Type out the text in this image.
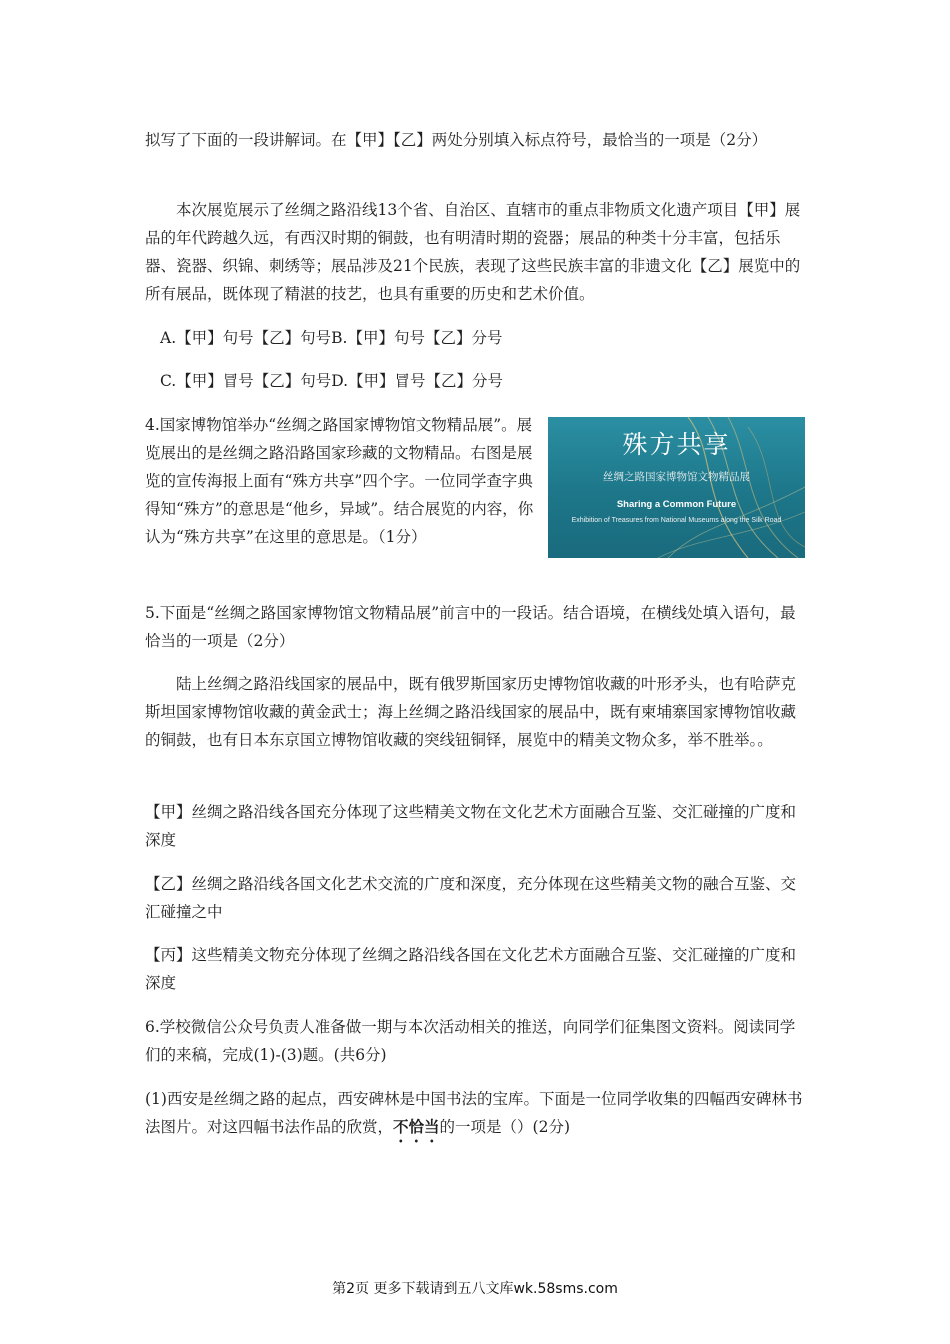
拟写了下面的一段讲解词。在【甲】【乙】两处分别填入标点符号，最恰当的一项是（2分）

本次展览展示了丝绸之路沿线13个省、自治区、直辖市的重点非物质文化遗产项目【甲】展品的年代跨越久远，有西汉时期的铜鼓，也有明清时期的瓷器；展品的种类十分丰富，包括乐器、瓷器、织锦、刺绣等；展品涉及21个民族，表现了这些民族丰富的非遗文化【乙】展览中的所有展品，既体现了精湛的技艺，也具有重要的历史和艺术价值。

A.【甲】句号【乙】句号B.【甲】句号【乙】分号

C.【甲】冒号【乙】句号D.【甲】冒号【乙】分号

4.国家博物馆举办“丝绸之路国家博物馆文物精品展”。展览展出的是丝绸之路沿路国家珍藏的文物精品。右图是展览的宣传海报上面有“殊方共享”四个字。一位同学查字典得知“殊方”的意思是“他乡，异域”。结合展览的内容，你认为“殊方共享”在这里的意思是。（1分）

殊方共享
丝绸之路国家博物馆文物精品展
Sharing a Common Future
Exhibition of Treasures from National Museums along the Silk Road

5.下面是“丝绸之路国家博物馆文物精品展”前言中的一段话。结合语境，在横线处填入语句，最恰当的一项是（2分）

陆上丝绸之路沿线国家的展品中，既有俄罗斯国家历史博物馆收藏的叶形矛头，也有哈萨克斯坦国家博物馆收藏的黄金武士；海上丝绸之路沿线国家的展品中，既有柬埔寨国家博物馆收藏的铜鼓，也有日本东京国立博物馆收藏的突线钮铜铎，展览中的精美文物众多，举不胜举。。

【甲】丝绸之路沿线各国充分体现了这些精美文物在文化艺术方面融合互鉴、交汇碰撞的广度和深度

【乙】丝绸之路沿线各国文化艺术交流的广度和深度，充分体现在这些精美文物的融合互鉴、交汇碰撞之中

【丙】这些精美文物充分体现了丝绸之路沿线各国在文化艺术方面融合互鉴、交汇碰撞的广度和深度

6.学校微信公众号负责人准备做一期与本次活动相关的推送，向同学们征集图文资料。阅读同学们的来稿，完成(1)-(3)题。(共6分)

(1)西安是丝绸之路的起点，西安碑林是中国书法的宝库。下面是一位同学收集的四幅西安碑林书法图片。对这四幅书法作品的欣赏，不恰当的一项是（）(2分)

第2页 更多下载请到五八文库wk.58sms.com
